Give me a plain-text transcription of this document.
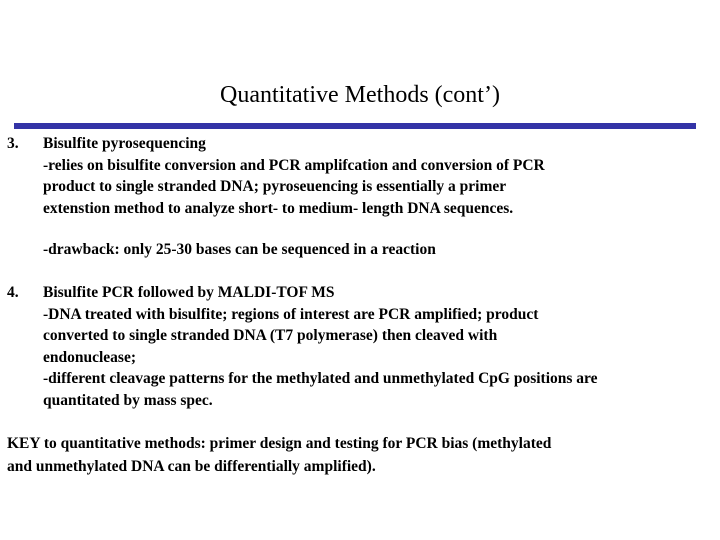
Quantitative Methods (cont’)
3. Bisulfite pyrosequencing
-relies on bisulfite conversion and PCR amplifcation and conversion of PCR
product to single stranded DNA; pyroseuencing is essentially a primer
extenstion method to analyze short- to medium- length DNA sequences.
-drawback: only 25-30 bases can be sequenced in a reaction
4. Bisulfite PCR followed by MALDI-TOF MS
-DNA treated with bisulfite; regions of interest are PCR amplified; product
converted to single stranded DNA (T7 polymerase) then cleaved with
endonuclease;
-different cleavage patterns for the methylated and unmethylated CpG positions are
quantitated by mass spec.
KEY to quantitative methods: primer design and testing for PCR bias (methylated
and unmethylated DNA can be differentially amplified).
